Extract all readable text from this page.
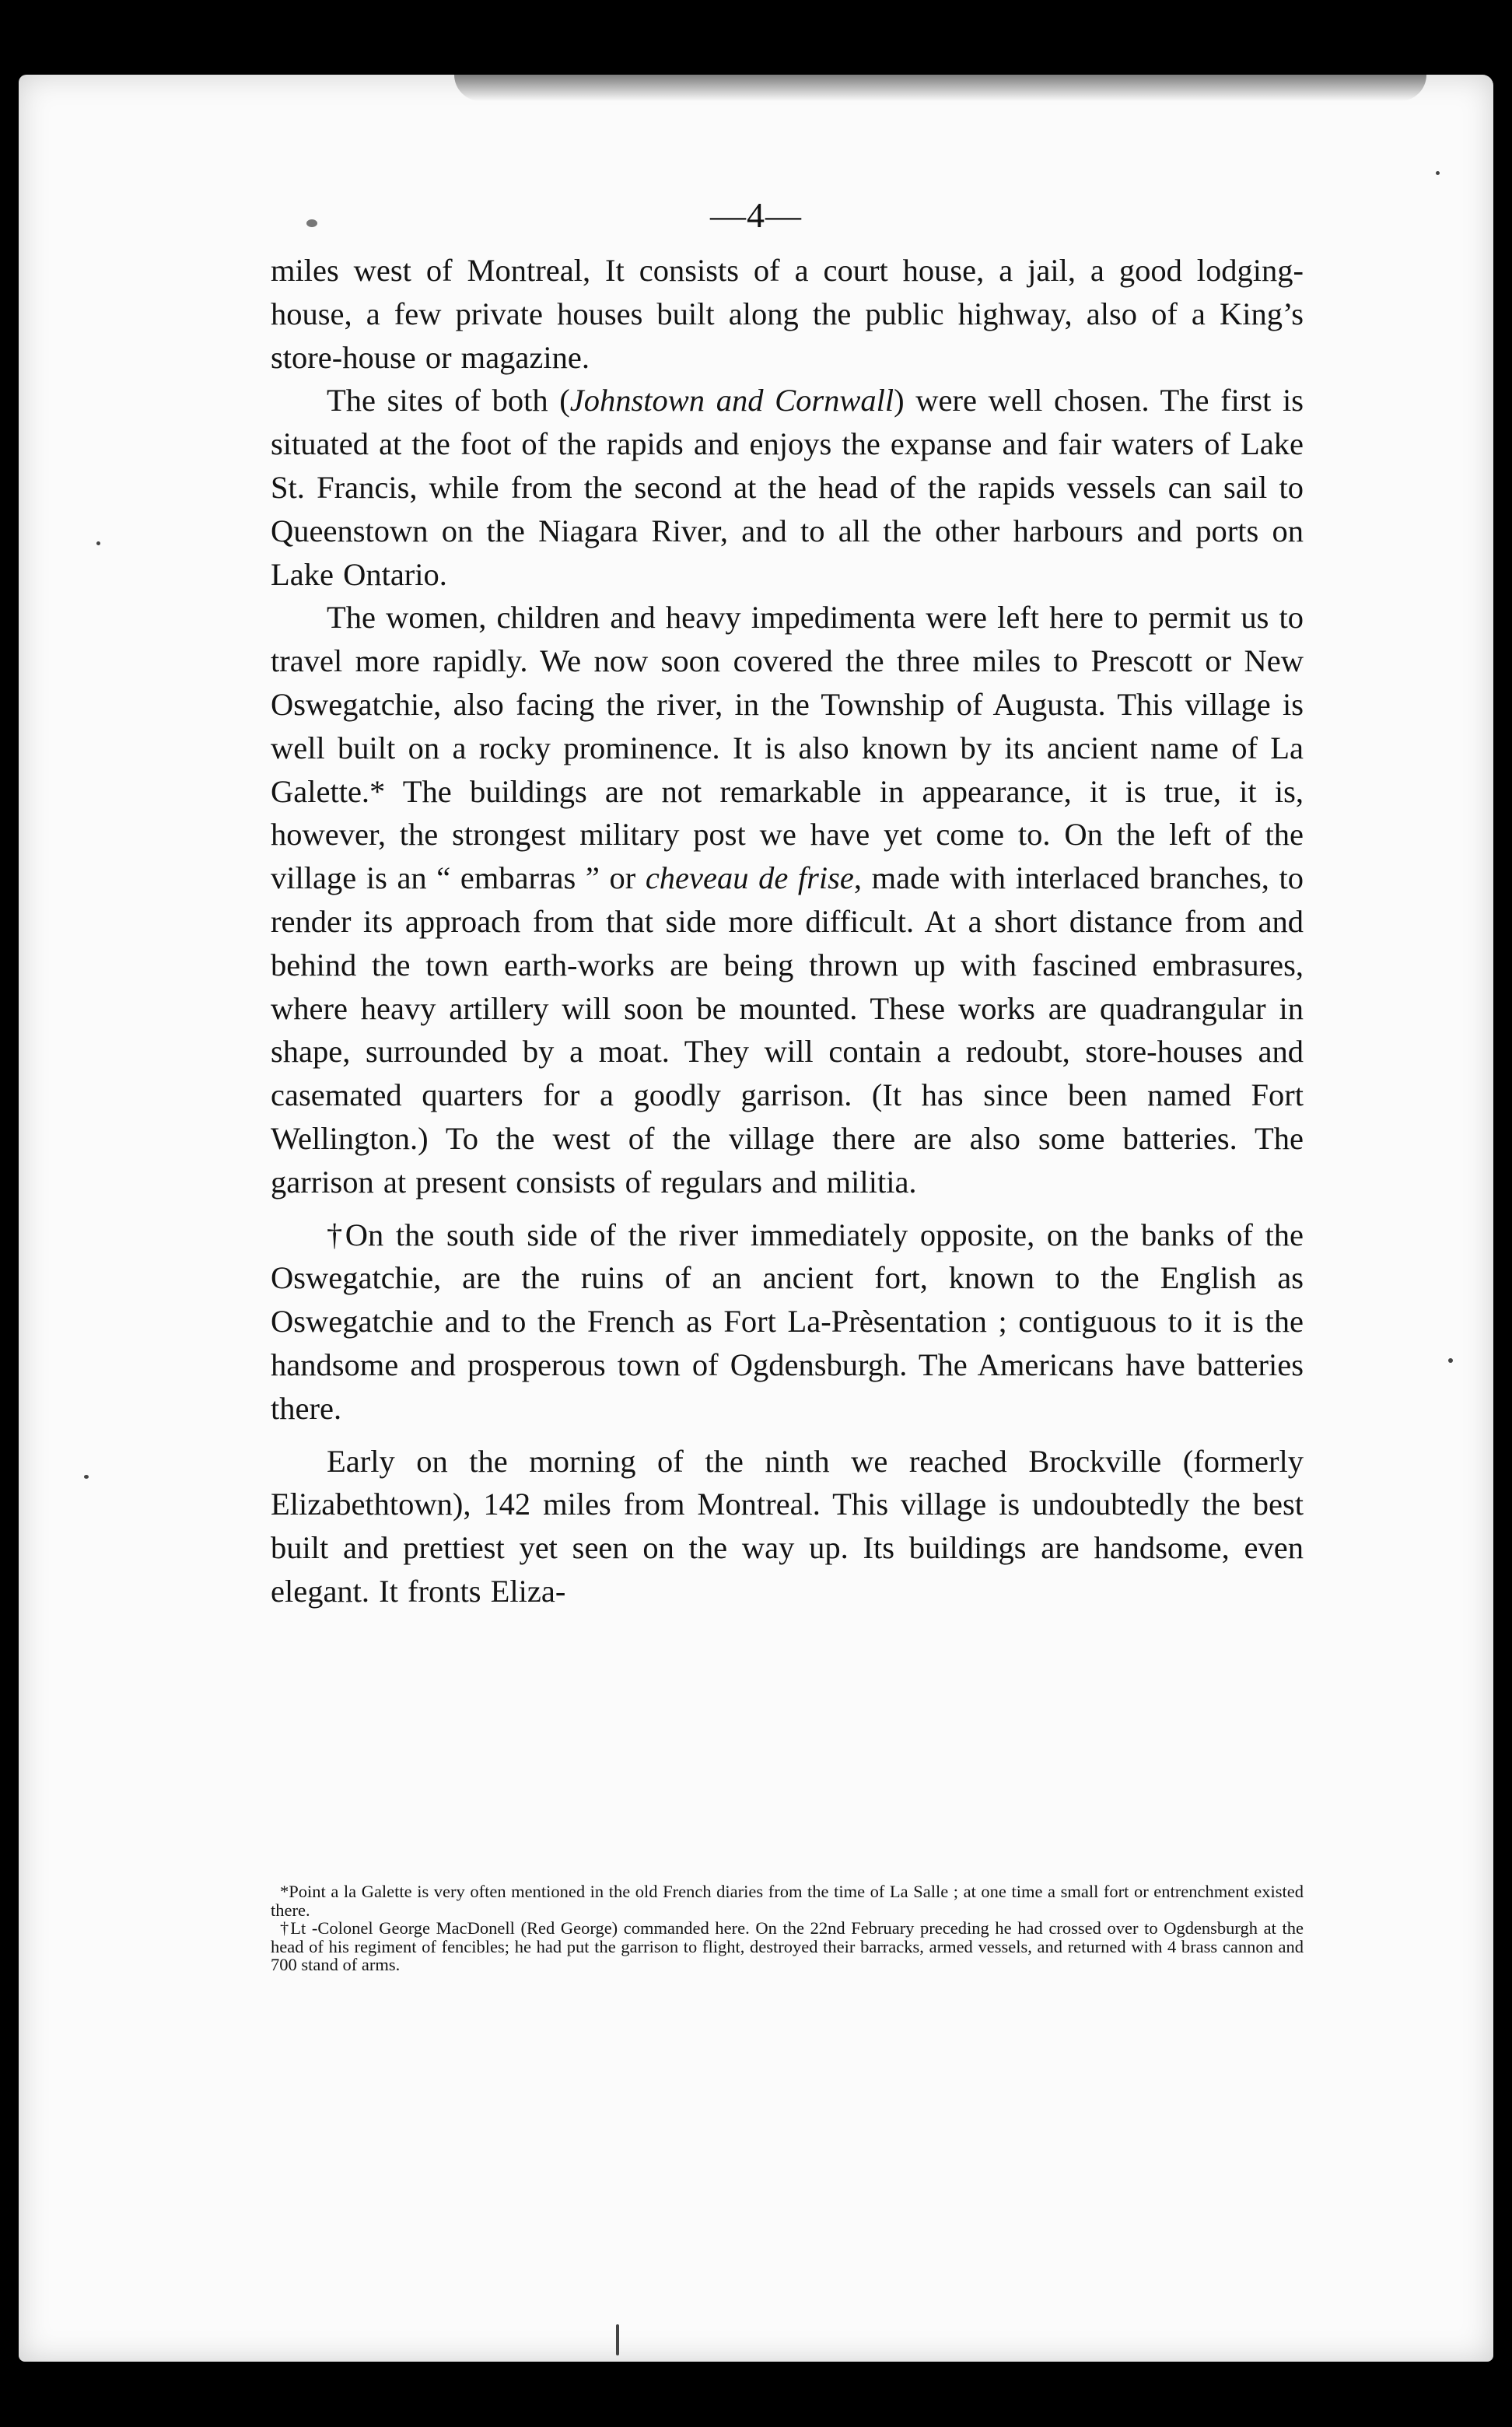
—4—

miles west of Montreal, It consists of a court house, a jail, a good lodging-house, a few private houses built along the public highway, also of a King’s store-house or magazine.

The sites of both (Johnstown and Cornwall) were well chosen. The first is situated at the foot of the rapids and enjoys the expanse and fair waters of Lake St. Francis, while from the second at the head of the rapids vessels can sail to Queenstown on the Niagara River, and to all the other harbours and ports on Lake Ontario.

The women, children and heavy impedimenta were left here to permit us to travel more rapidly. We now soon covered the three miles to Prescott or New Oswegatchie, also facing the river, in the Township of Augusta. This village is well built on a rocky prominence. It is also known by its ancient name of La Galette.* The buildings are not remarkable in appearance, it is true, it is, however, the strongest military post we have yet come to. On the left of the village is an “ embarras ” or cheveau de frise, made with interlaced branches, to render its approach from that side more difficult. At a short distance from and behind the town earth-works are being thrown up with fascined embrasures, where heavy artillery will soon be mounted. These works are quadrangular in shape, surrounded by a moat. They will contain a redoubt, store-houses and casemated quarters for a goodly garrison. (It has since been named Fort Wellington.) To the west of the village there are also some batteries. The garrison at present consists of regulars and militia.

†On the south side of the river immediately opposite, on the banks of the Oswegatchie, are the ruins of an ancient fort, known to the English as Oswegatchie and to the French as Fort La-Prèsentation ; contiguous to it is the handsome and prosperous town of Ogdensburgh. The Americans have batteries there.

Early on the morning of the ninth we reached Brockville (formerly Elizabethtown), 142 miles from Montreal. This village is undoubtedly the best built and prettiest yet seen on the way up. Its buildings are handsome, even elegant. It fronts Eliza-

*Point a la Galette is very often mentioned in the old French diaries from the time of La Salle ; at one time a small fort or entrenchment existed there.

†Lt -Colonel George MacDonell (Red George) commanded here. On the 22nd February preceding he had crossed over to Ogdensburgh at the head of his regiment of fencibles; he had put the garrison to flight, destroyed their barracks, armed vessels, and returned with 4 brass cannon and 700 stand of arms.
